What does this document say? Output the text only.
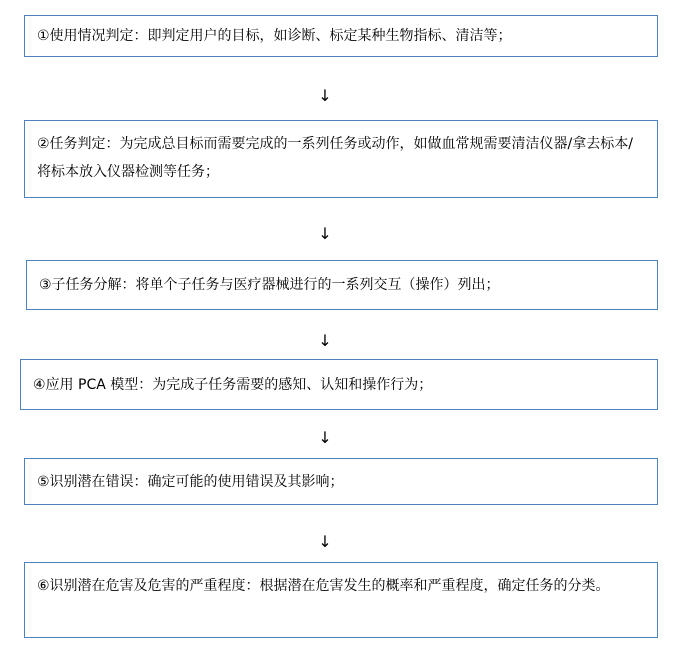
①使用情况判定：即判定用户的目标，如诊断、标定某种生物指标、清洁等；
↓
②任务判定：为完成总目标而需要完成的一系列任务或动作，如做血常规需要清洁仪器/拿去标本/将标本放入仪器检测等任务；
↓
③子任务分解：将单个子任务与医疗器械进行的一系列交互（操作）列出；
↓
④应用 PCA 模型：为完成子任务需要的感知、认知和操作行为；
↓
⑤识别潜在错误：确定可能的使用错误及其影响；
↓
⑥识别潜在危害及危害的严重程度：根据潜在危害发生的概率和严重程度，确定任务的分类。
